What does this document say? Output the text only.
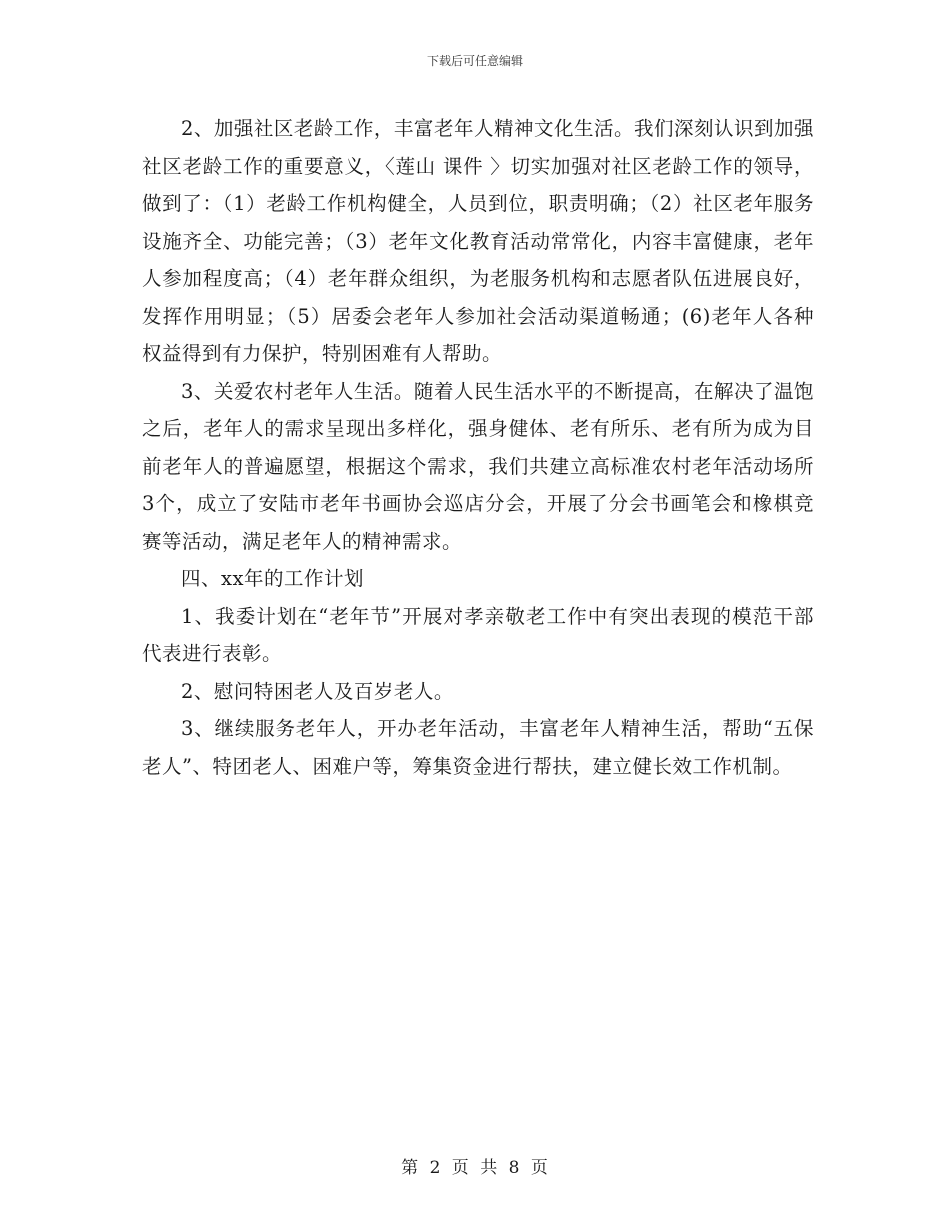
下载后可任意编辑

2、加强社区老龄工作，丰富老年人精神文化生活。我们深刻认识到加强社区老龄工作的重要意义，〈莲山 课件 〉切实加强对社区老龄工作的领导，做到了：（1）老龄工作机构健全，人员到位，职责明确；（2）社区老年服务设施齐全、功能完善；（3）老年文化教育活动常常化，内容丰富健康，老年人参加程度高；（4）老年群众组织，为老服务机构和志愿者队伍进展良好，发挥作用明显；（5）居委会老年人参加社会活动渠道畅通；(6)老年人各种权益得到有力保护，特别困难有人帮助。

3、关爱农村老年人生活。随着人民生活水平的不断提高，在解决了温饱之后，老年人的需求呈现出多样化，强身健体、老有所乐、老有所为成为目前老年人的普遍愿望，根据这个需求，我们共建立高标准农村老年活动场所3个，成立了安陆市老年书画协会巡店分会，开展了分会书画笔会和橡棋竞赛等活动，满足老年人的精神需求。

四、xx年的工作计划

1、我委计划在“老年节”开展对孝亲敬老工作中有突出表现的模范干部代表进行表彰。

2、慰问特困老人及百岁老人。

3、继续服务老年人，开办老年活动，丰富老年人精神生活，帮助“五保老人”、特团老人、困难户等，筹集资金进行帮扶，建立健长效工作机制。

第 2 页 共 8 页
